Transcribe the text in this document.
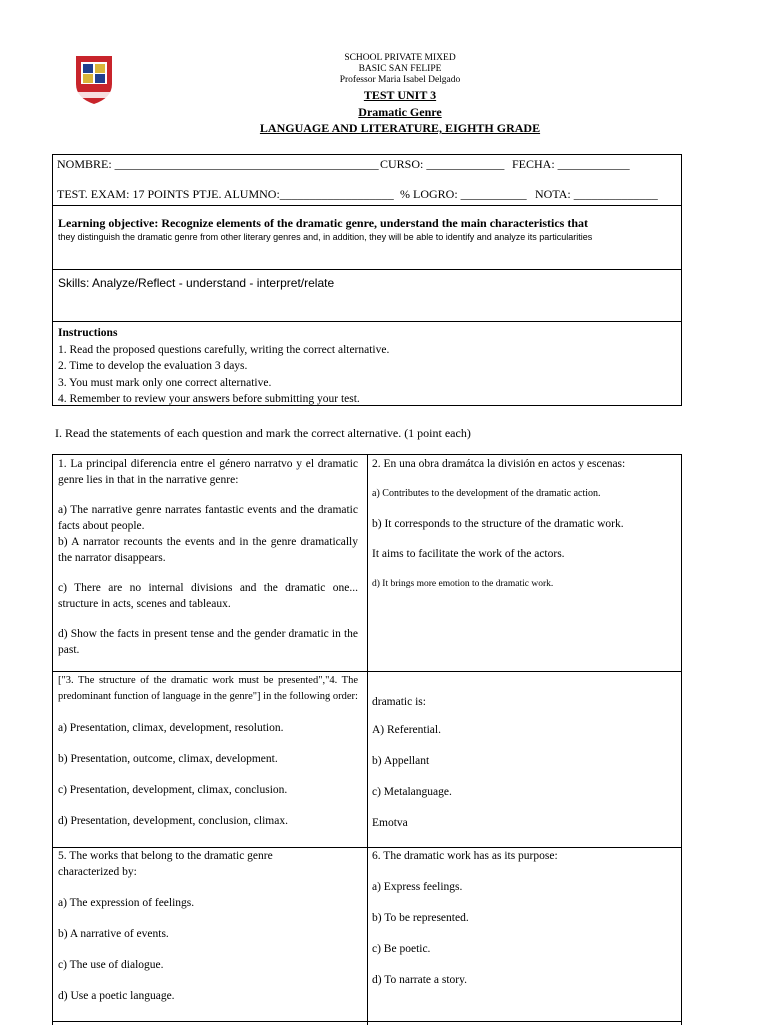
SCHOOL PRIVATE MIXED
BASIC SAN FELIPE
Professor Maria Isabel Delgado
TEST UNIT 3
Dramatic Genre
LANGUAGE AND LITERATURE, EIGHTH GRADE
NOMBRE: ____________________________________________ CURSO: _____________ FECHA: ____________
TEST. EXAM: 17 POINTS PTJE. ALUMNO:___________________ % LOGRO: ___________ NOTA: ______________
Learning objective: Recognize elements of the dramatic genre, understand the main characteristics that
they distinguish the dramatic genre from other literary genres and, in addition, they will be able to identify and analyze its particularities
Skills: Analyze/Reflect - understand - interpret/relate
Instructions
1. Read the proposed questions carefully, writing the correct alternative.
2. Time to develop the evaluation 3 days.
3. You must mark only one correct alternative.
4. Remember to review your answers before submitting your test.
I. Read the statements of each question and mark the correct alternative. (1 point each)

1. La principal diferencia entre el género narratvo y el dramatic genre lies in that in the narrative genre:

a) The narrative genre narrates fantastic events and the dramatic facts about people.

b) A narrator recounts the events and in the genre dramatically the narrator disappears.

c) There are no internal divisions and the dramatic one... structure in acts, scenes and tableaux.

d) Show the facts in present tense and the gender dramatic in the past.

2. En una obra dramátca la división en actos y escenas:

a) Contributes to the development of the dramatic action.

b) It corresponds to the structure of the dramatic work.

It aims to facilitate the work of the actors.

d) It brings more emotion to the dramatic work.

["3. The structure of the dramatic work must be presented","4. The predominant function of language in the genre"] in the following order:

a) Presentation, climax, development, resolution.

b) Presentation, outcome, climax, development.

c) Presentation, development, climax, conclusion.

d) Presentation, development, conclusion, climax.

dramatic is:

A) Referential.

b) Appellant

c) Metalanguage.

Emotva

5. The works that belong to the dramatic genre characterized by:

a) The expression of feelings.

b) A narrative of events.

c) The use of dialogue.

d) Use a poetic language.

6. The dramatic work has as its purpose:

a) Express feelings.

b) To be represented.

c) Be poetic.

d) To narrate a story.
